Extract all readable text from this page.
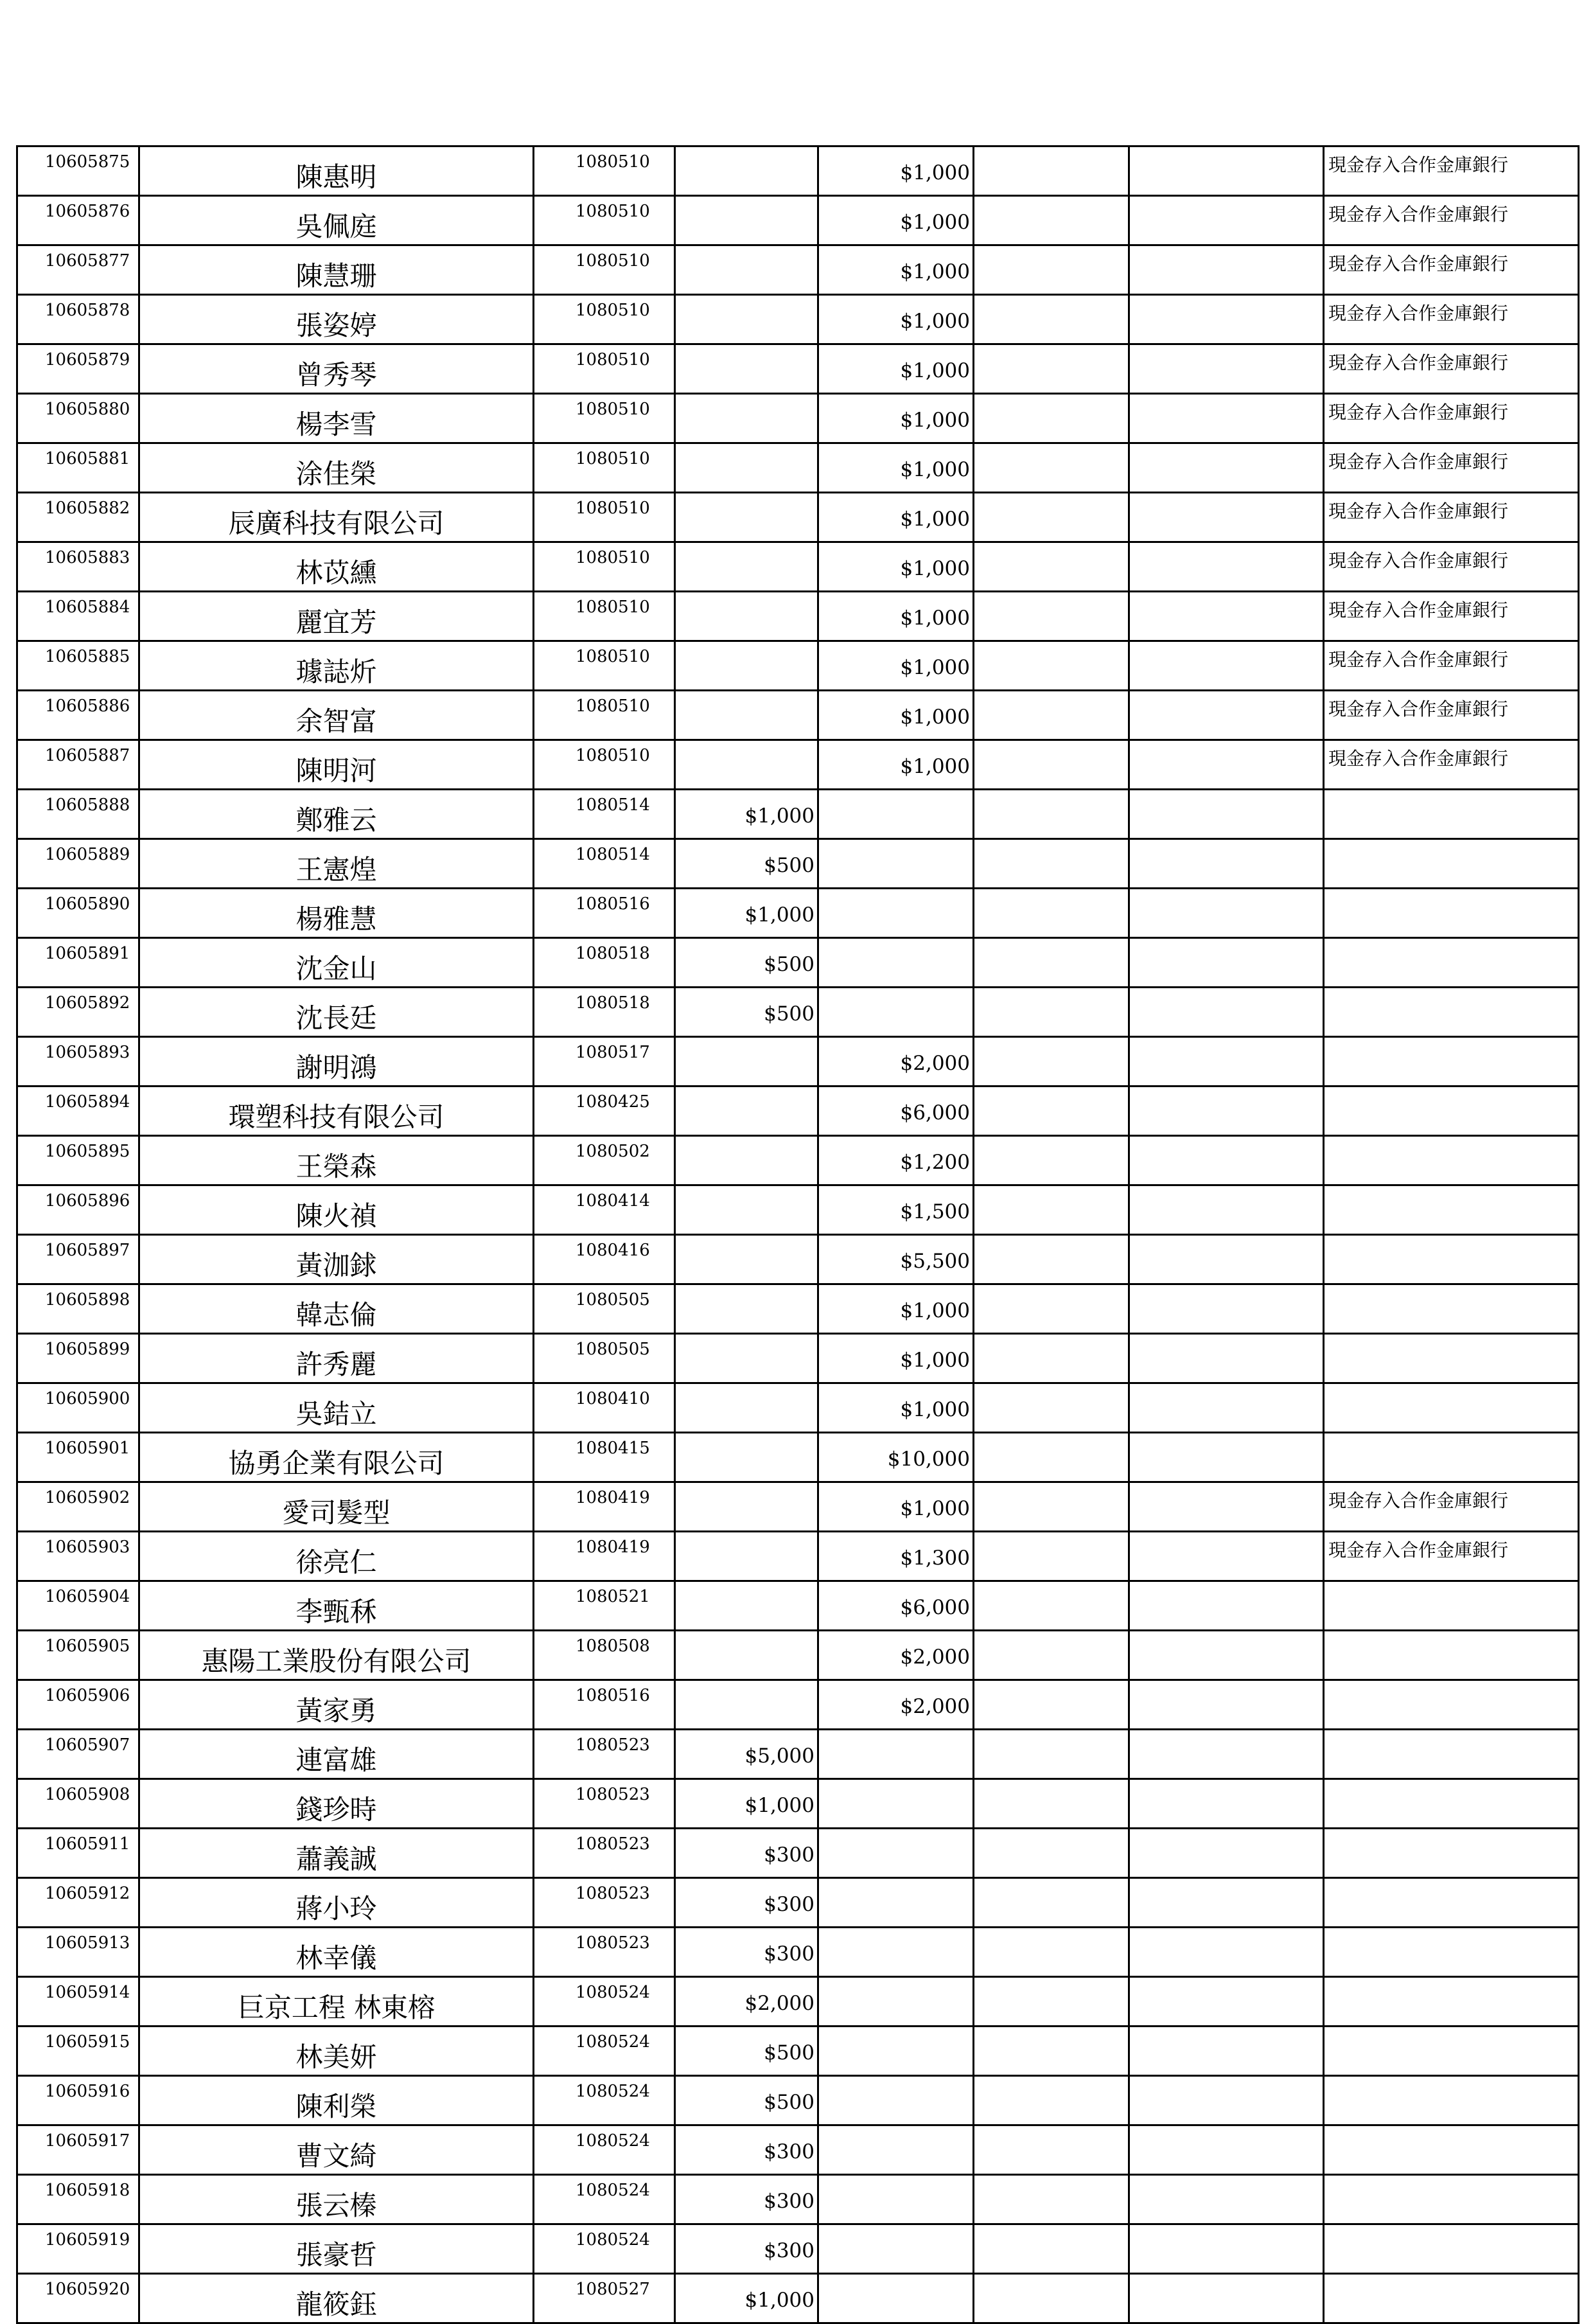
10605875	陳惠明	1080510		$1,000			現金存入合作金庫銀行
10605876	吳佩庭	1080510		$1,000			現金存入合作金庫銀行
10605877	陳慧珊	1080510		$1,000			現金存入合作金庫銀行
10605878	張姿婷	1080510		$1,000			現金存入合作金庫銀行
10605879	曾秀琴	1080510		$1,000			現金存入合作金庫銀行
10605880	楊李雪	1080510		$1,000			現金存入合作金庫銀行
10605881	涂佳榮	1080510		$1,000			現金存入合作金庫銀行
10605882	辰廣科技有限公司	1080510		$1,000			現金存入合作金庫銀行
10605883	林苡纁	1080510		$1,000			現金存入合作金庫銀行
10605884	麗宜芳	1080510		$1,000			現金存入合作金庫銀行
10605885	璩誌炘	1080510		$1,000			現金存入合作金庫銀行
10605886	余智富	1080510		$1,000			現金存入合作金庫銀行
10605887	陳明河	1080510		$1,000			現金存入合作金庫銀行
10605888	鄭雅云	1080514	$1,000				
10605889	王憲煌	1080514	$500				
10605890	楊雅慧	1080516	$1,000				
10605891	沈金山	1080518	$500				
10605892	沈長廷	1080518	$500				
10605893	謝明鴻	1080517		$2,000			
10605894	環塑科技有限公司	1080425		$6,000			
10605895	王榮森	1080502		$1,200			
10605896	陳火禎	1080414		$1,500			
10605897	黃泇銶	1080416		$5,500			
10605898	韓志倫	1080505		$1,000			
10605899	許秀麗	1080505		$1,000			
10605900	吳銡立	1080410		$1,000			
10605901	協勇企業有限公司	1080415		$10,000			
10605902	愛司髮型	1080419		$1,000			現金存入合作金庫銀行
10605903	徐亮仁	1080419		$1,300			現金存入合作金庫銀行
10605904	李甄秝	1080521		$6,000			
10605905	惠陽工業股份有限公司	1080508		$2,000			
10605906	黃家勇	1080516		$2,000			
10605907	連富雄	1080523	$5,000				
10605908	錢珍時	1080523	$1,000				
10605911	蕭義誠	1080523	$300				
10605912	蔣小玲	1080523	$300				
10605913	林幸儀	1080523	$300				
10605914	巨京工程 林東榕	1080524	$2,000				
10605915	林美妍	1080524	$500				
10605916	陳利榮	1080524	$500				
10605917	曹文綺	1080524	$300				
10605918	張云榛	1080524	$300				
10605919	張豪哲	1080524	$300				
10605920	龍筱鈺	1080527	$1,000				
